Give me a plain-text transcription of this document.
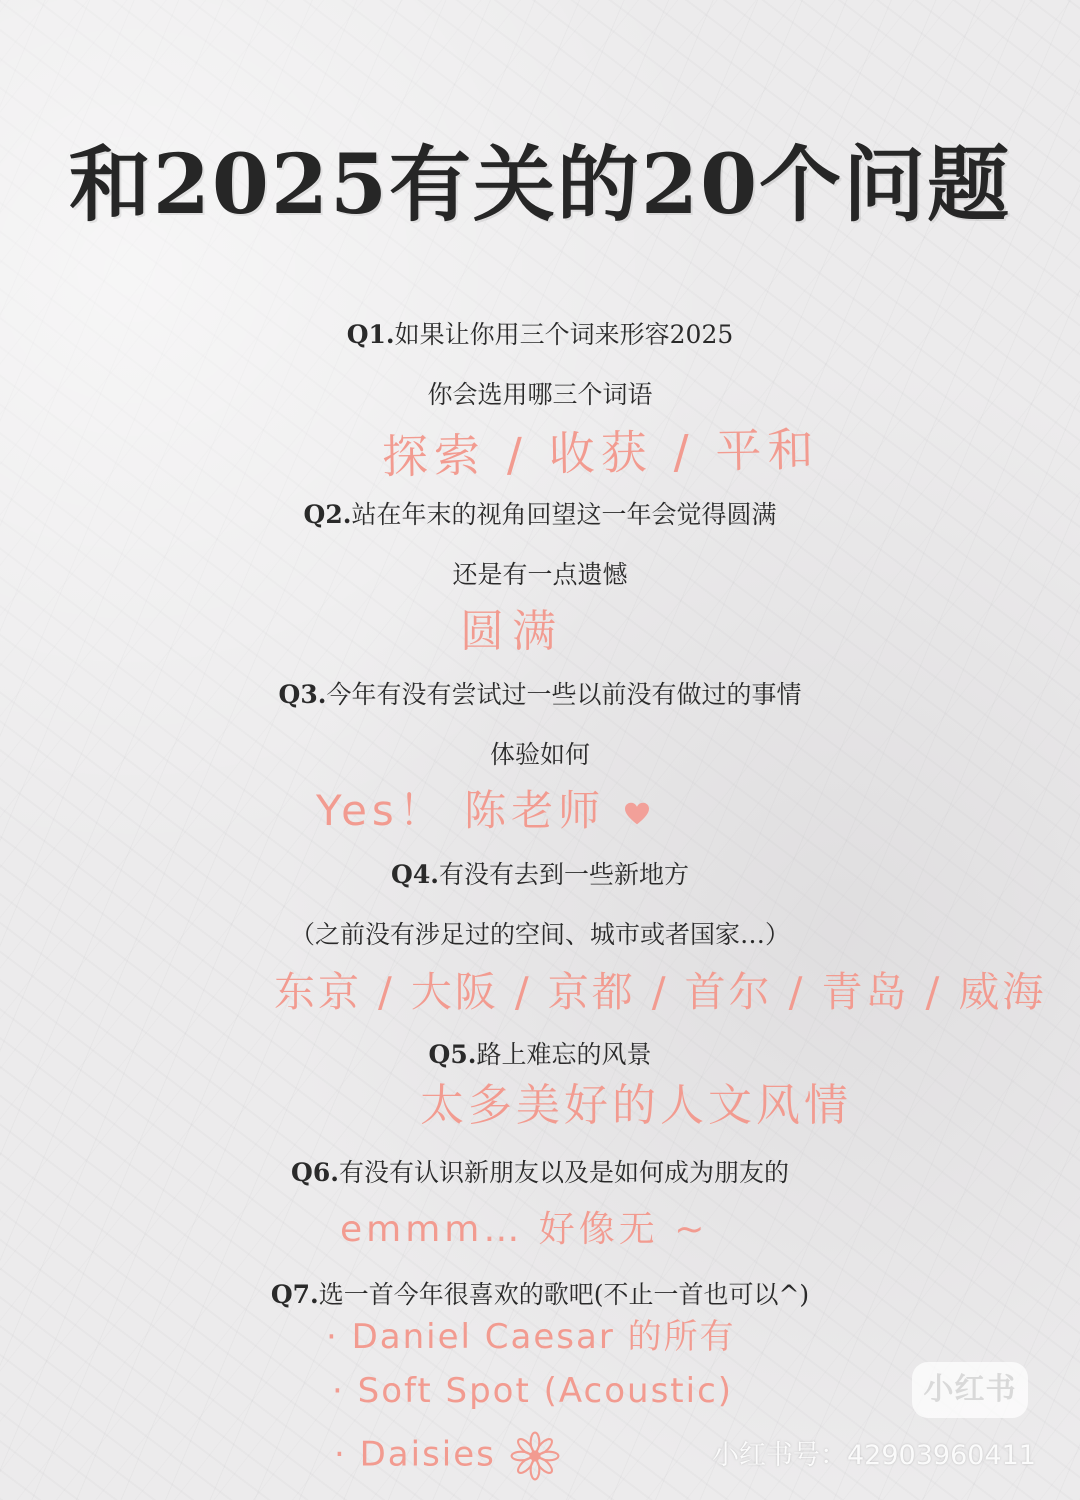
和2025有关的20个问题
Q1.如果让你用三个词来形容2025
你会选用哪三个词语
探索 / 收获 / 平和
Q2.站在年末的视角回望这一年会觉得圆满
还是有一点遗憾
圆满
Q3.今年有没有尝试过一些以前没有做过的事情
体验如何
Yes！ 陈老师
Q4.有没有去到一些新地方
（之前没有涉足过的空间、城市或者国家…）
东京 / 大阪 / 京都 / 首尔 / 青岛 / 威海
Q5.路上难忘的风景
太多美好的人文风情
Q6.有没有认识新朋友以及是如何成为朋友的
emmm… 好像无 ~
Q7.选一首今年很喜欢的歌吧(不止一首也可以^)
· Daniel Caesar 的所有
· Soft Spot (Acoustic)
· Daisies
小红书
小红书号：42903960411
